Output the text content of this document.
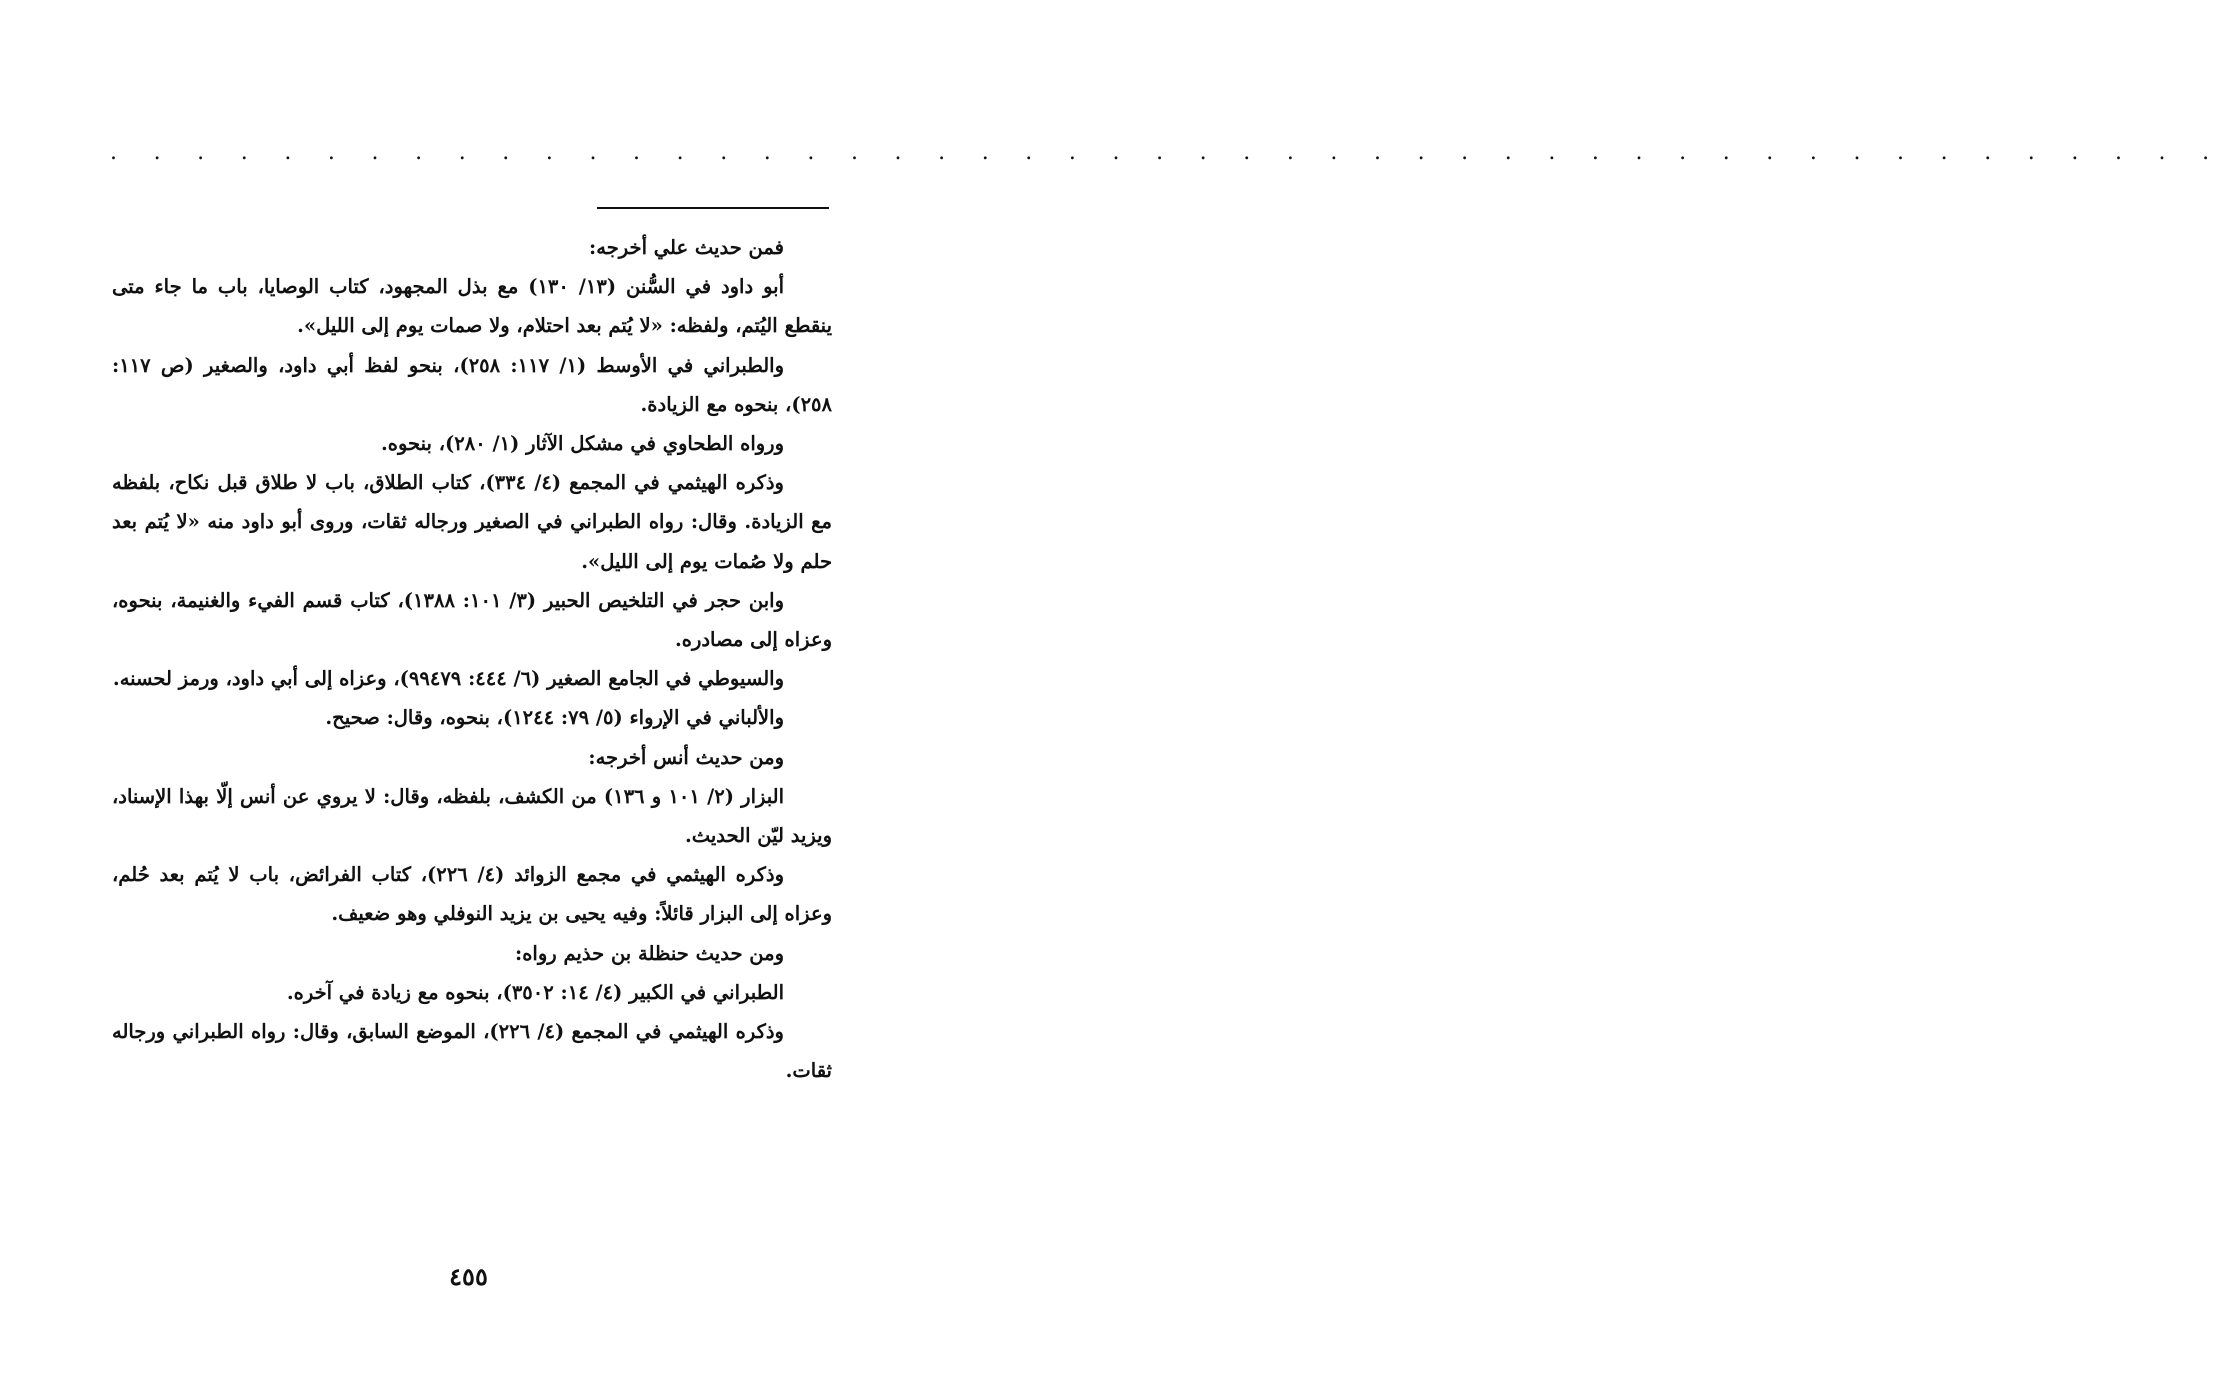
. . . . . . . . . . . . . . . . . . . . . . . . . . . . . . . . . . . . . . . . . . . . . . . . .

فمن حديث علي أخرجه:

أبو داود في السُّنن (١٣/ ١٣٠) مع بذل المجهود، كتاب الوصايا، باب ما جاء متى ينقطع اليُتم، ولفظه: «لا يُتم بعد احتلام، ولا صمات يوم إلى الليل».

والطبراني في الأوسط (١/ ١١٧: ٢٥٨)، بنحو لفظ أبي داود، والصغير (ص ١١٧: ٢٥٨)، بنحوه مع الزيادة.

ورواه الطحاوي في مشكل الآثار (١/ ٢٨٠)، بنحوه.

وذكره الهيثمي في المجمع (٤/ ٣٣٤)، كتاب الطلاق، باب لا طلاق قبل نكاح، بلفظه مع الزيادة. وقال: رواه الطبراني في الصغير ورجاله ثقات، وروى أبو داود منه «لا يُتم بعد حلم ولا صُمات يوم إلى الليل».

وابن حجر في التلخيص الحبير (٣/ ١٠١: ١٣٨٨)، كتاب قسم الفيء والغنيمة، بنحوه، وعزاه إلى مصادره.

والسيوطي في الجامع الصغير (٦/ ٤٤٤: ٩٩٤٧٩)، وعزاه إلى أبي داود، ورمز لحسنه.

والألباني في الإرواء (٥/ ٧٩: ١٢٤٤)، بنحوه، وقال: صحيح.

ومن حديث أنس أخرجه:

البزار (٢/ ١٠١ و ١٣٦) من الكشف، بلفظه، وقال: لا يروي عن أنس إلّا بهذا الإسناد، ويزيد ليّن الحديث.

وذكره الهيثمي في مجمع الزوائد (٤/ ٢٢٦)، كتاب الفرائض، باب لا يُتم بعد حُلم، وعزاه إلى البزار قائلاً: وفيه يحيى بن يزيد النوفلي وهو ضعيف.

ومن حديث حنظلة بن حذيم رواه:

الطبراني في الكبير (٤/ ١٤: ٣٥٠٢)، بنحوه مع زيادة في آخره.

وذكره الهيثمي في المجمع (٤/ ٢٢٦)، الموضع السابق، وقال: رواه الطبراني ورجاله ثقات.

٤٥٥
